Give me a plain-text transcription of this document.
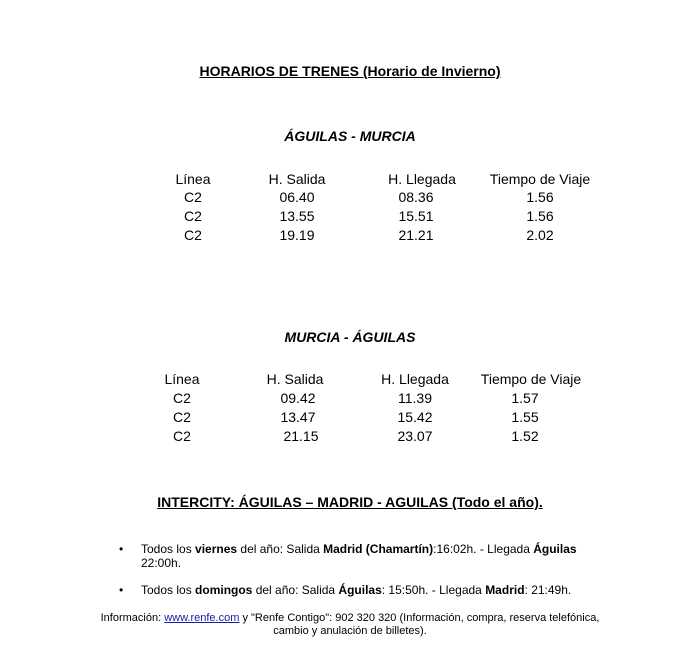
HORARIOS DE TRENES (Horario de Invierno)
ÁGUILAS - MURCIA
Línea	H. Salida	H. Llegada	Tiempo de Viaje
C2	06.40	08.36	1.56
C2	13.55	15.51	1.56
C2	19.19	21.21	2.02
MURCIA - ÁGUILAS
Línea	H. Salida	H. Llegada	Tiempo de Viaje
C2	09.42	11.39	1.57
C2	13.47	15.42	1.55
C2	21.15	23.07	1.52
INTERCITY: ÁGUILAS – MADRID - AGUILAS (Todo el año).
• Todos los viernes del año: Salida Madrid (Chamartín):16:02h. - Llegada Águilas 22:00h.
• Todos los domingos del año: Salida Águilas: 15:50h. - Llegada Madrid: 21:49h.
Información: www.renfe.com y "Renfe Contigo": 902 320 320 (Información, compra, reserva telefónica,
cambio y anulación de billetes).
